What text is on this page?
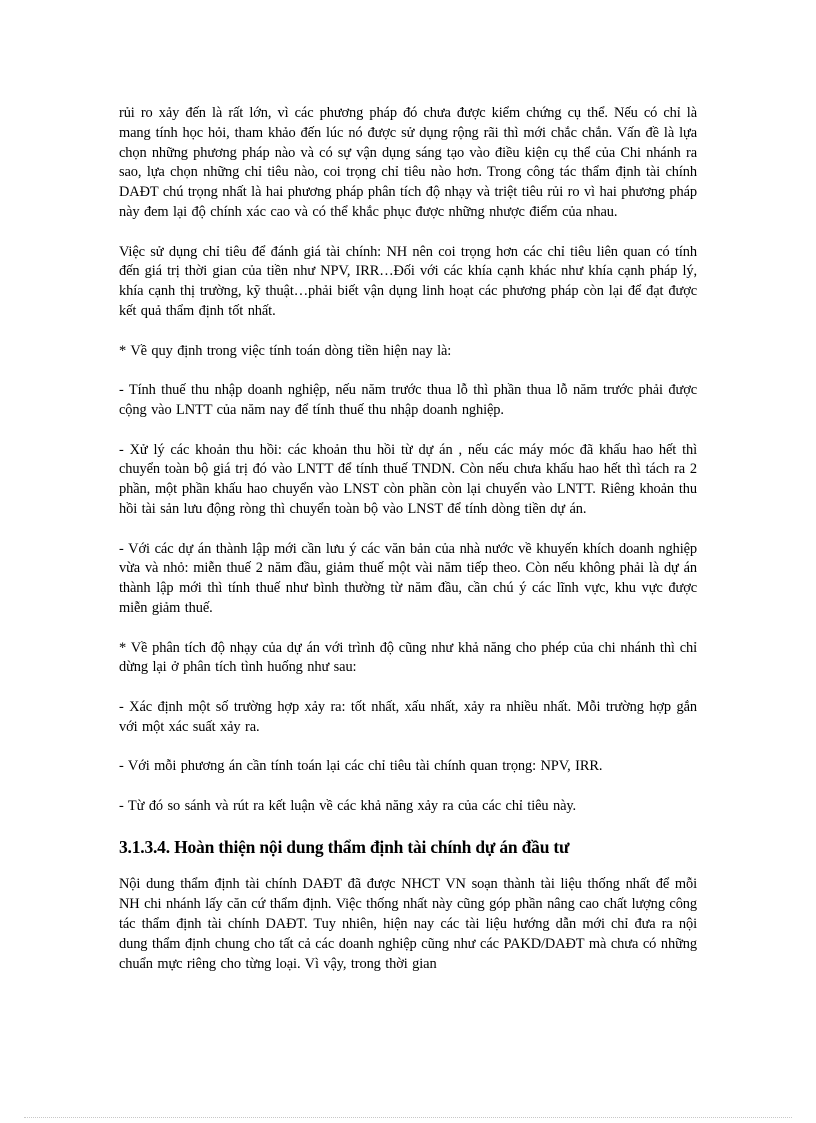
rủi ro xảy đến là rất lớn, vì các phương pháp đó chưa được kiểm chứng cụ thể. Nếu có chỉ là mang tính học hỏi, tham khảo đến lúc nó được sử dụng rộng rãi thì mới chắc chắn. Vấn đề là lựa chọn những phương pháp nào và có sự vận dụng sáng tạo vào điều kiện cụ thể của Chi nhánh ra sao, lựa chọn những chỉ tiêu nào, coi trọng chỉ tiêu nào hơn. Trong công tác thẩm định tài chính DAĐT chú trọng nhất là hai phương pháp phân tích độ nhạy và triệt tiêu rủi ro vì hai phương pháp này đem lại độ chính xác cao và có thể khắc phục được những nhược điểm của nhau.

Việc sử dụng chỉ tiêu để đánh giá tài chính: NH nên coi trọng hơn các chỉ tiêu liên quan có tính đến giá trị thời gian của tiền như NPV, IRR…Đối với các khía cạnh khác như khía cạnh pháp lý, khía cạnh thị trường, kỹ thuật…phải biết vận dụng linh hoạt các phương pháp còn lại để đạt được kết quả thẩm định tốt nhất.

* Về quy định trong việc tính toán dòng tiền hiện nay là:

- Tính thuế thu nhập doanh nghiệp, nếu năm trước thua lỗ thì phần thua lỗ năm trước phải được cộng vào LNTT của năm nay để tính thuế thu nhập doanh nghiệp.

- Xử lý các khoản thu hồi: các khoản thu hồi từ dự án , nếu các máy móc đã khấu hao hết thì chuyển toàn bộ giá trị đó vào LNTT để tính thuế TNDN. Còn nếu chưa khấu hao hết thì tách ra 2 phần, một phần khấu hao chuyển vào LNST còn phần còn lại chuyển vào LNTT. Riêng khoản thu hồi tài sản lưu động ròng thì chuyển toàn bộ vào LNST để tính dòng tiền dự án.

- Với các dự án thành lập mới cần lưu ý các văn bản của nhà nước về khuyến khích doanh nghiệp vừa và nhỏ: miễn thuế 2 năm đầu, giảm thuế một vài năm tiếp theo. Còn nếu không phải là dự án thành lập mới thì tính thuế như bình thường từ năm đầu, cần chú ý các lĩnh vực, khu vực được miễn giảm thuế.

* Về phân tích độ nhạy của dự án với trình độ cũng như khả năng cho phép của chi nhánh thì chỉ dừng lại ở phân tích tình huống như sau:

- Xác định một số trường hợp xảy ra: tốt nhất, xấu nhất, xảy ra nhiều nhất. Mỗi trường hợp gắn với một xác suất xảy ra.

- Với mỗi phương án cần tính toán lại các chỉ tiêu tài chính quan trọng: NPV, IRR.

- Từ đó so sánh và rút ra kết luận về các khả năng xảy ra của các chỉ tiêu này.

3.1.3.4. Hoàn thiện nội dung thẩm định tài chính dự án đầu tư

Nội dung thẩm định tài chính DAĐT đã được NHCT VN soạn thành tài liệu thống nhất để mỗi NH chi nhánh lấy căn cứ thẩm định. Việc thống nhất này cũng góp phần nâng cao chất lượng công tác thẩm định tài chính DAĐT. Tuy nhiên, hiện nay các tài liệu hướng dẫn mới chỉ đưa ra nội dung thẩm định chung cho tất cả các doanh nghiệp cũng như các PAKD/DAĐT mà chưa có những chuẩn mực riêng cho từng loại. Vì vậy, trong thời gian
